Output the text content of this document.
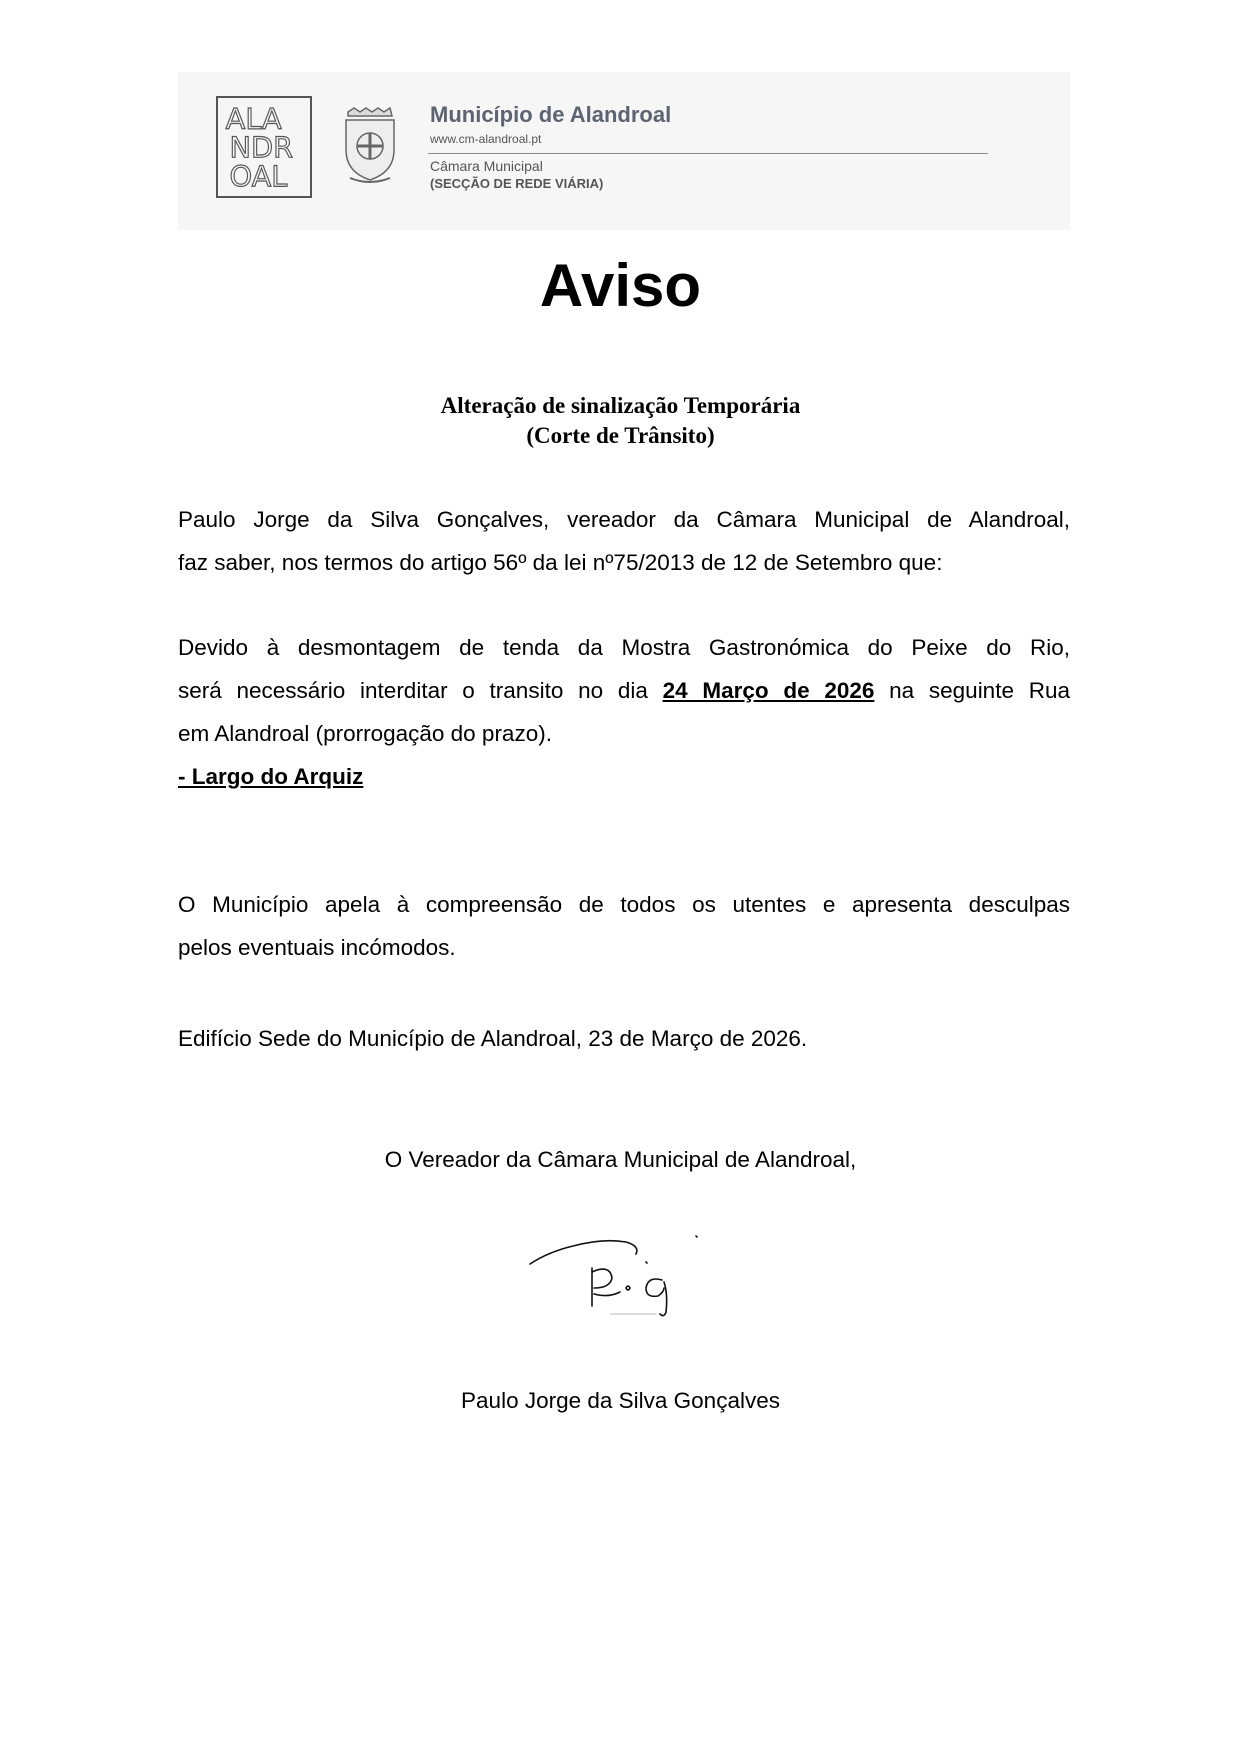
ALA
NDR
OAL
Município de Alandroal
www.cm-alandroal.pt
Câmara Municipal
(SECÇÃO DE REDE VIÁRIA)
Aviso
Alteração de sinalização Temporária
(Corte de Trânsito)
Paulo Jorge da Silva Gonçalves, vereador da Câmara Municipal de Alandroal,
faz saber, nos termos do artigo 56º da lei nº75/2013 de 12 de Setembro que:
Devido à desmontagem de tenda da Mostra Gastronómica do Peixe do Rio,
será necessário interditar o transito no dia 24 Março de 2026 na seguinte Rua
em Alandroal (prorrogação do prazo).
- Largo do Arquiz
O Município apela à compreensão de todos os utentes e apresenta desculpas
pelos eventuais incómodos.
Edifício Sede do Município de Alandroal, 23 de Março de 2026.
O Vereador da Câmara Municipal de Alandroal,
Paulo Jorge da Silva Gonçalves
